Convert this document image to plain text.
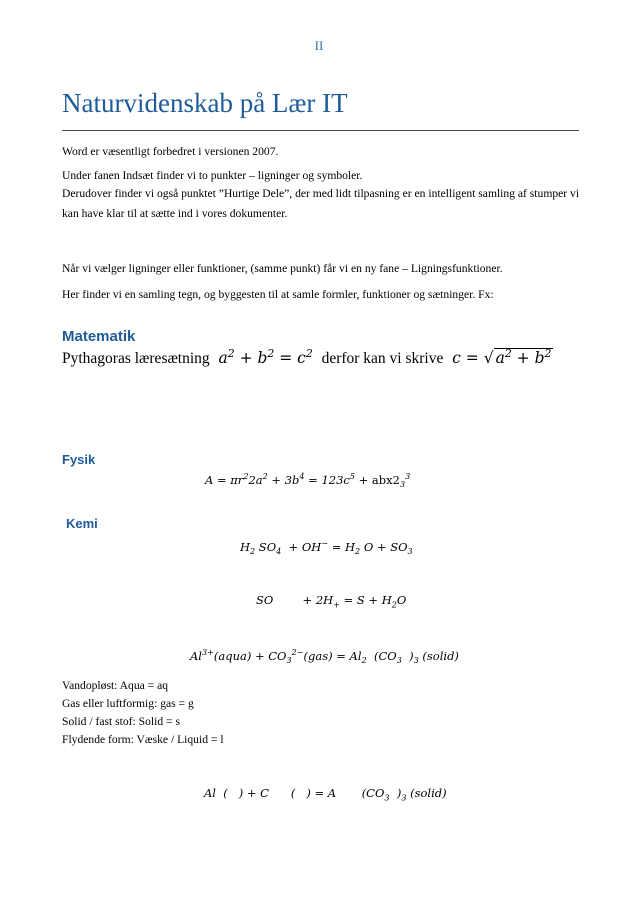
II
Naturvidenskab på Lær IT
Word er væsentligt forbedret i versionen 2007.
Under fanen Indsæt finder vi to punkter – ligninger og symboler.
Derudover finder vi også punktet ”Hurtige Dele”, der med lidt tilpasning er en intelligent samling af stumper vi kan have klar til at sætte ind i vores dokumenter.
Når vi vælger ligninger eller funktioner, (samme punkt) får vi en ny fane – Ligningsfunktioner.
Her finder vi en samling tegn, og byggesten til at samle formler, funktioner og sætninger. Fx:
Matematik
Pythagoras læresætning  $a^2 + b^2 = c^2$ derfor kan vi skrive  c = √ $a^2 + b^2$
Fysik
$A = \pi r^22a^2 + 3b^4 = 123c^5 + abx2_3^3$
Kemi
$H_2$ $SO_4 + OH^- = H_2$ $O + SO_3$
SO        + $2H_+ = S + H_2O$
$Al^{3+}(aqua) + CO_3^{2-}(gas) = Al_2$  ($CO_3$  )$_3$ (solid)
Vandopløst: Aqua = aq
Gas eller luftformig: gas = g
Solid / fast stof: Solid = s
Flydende form: Væske / Liquid = l
Al  (   ) + C      (   ) = A       ($CO_3$  )$_3$ (solid)
